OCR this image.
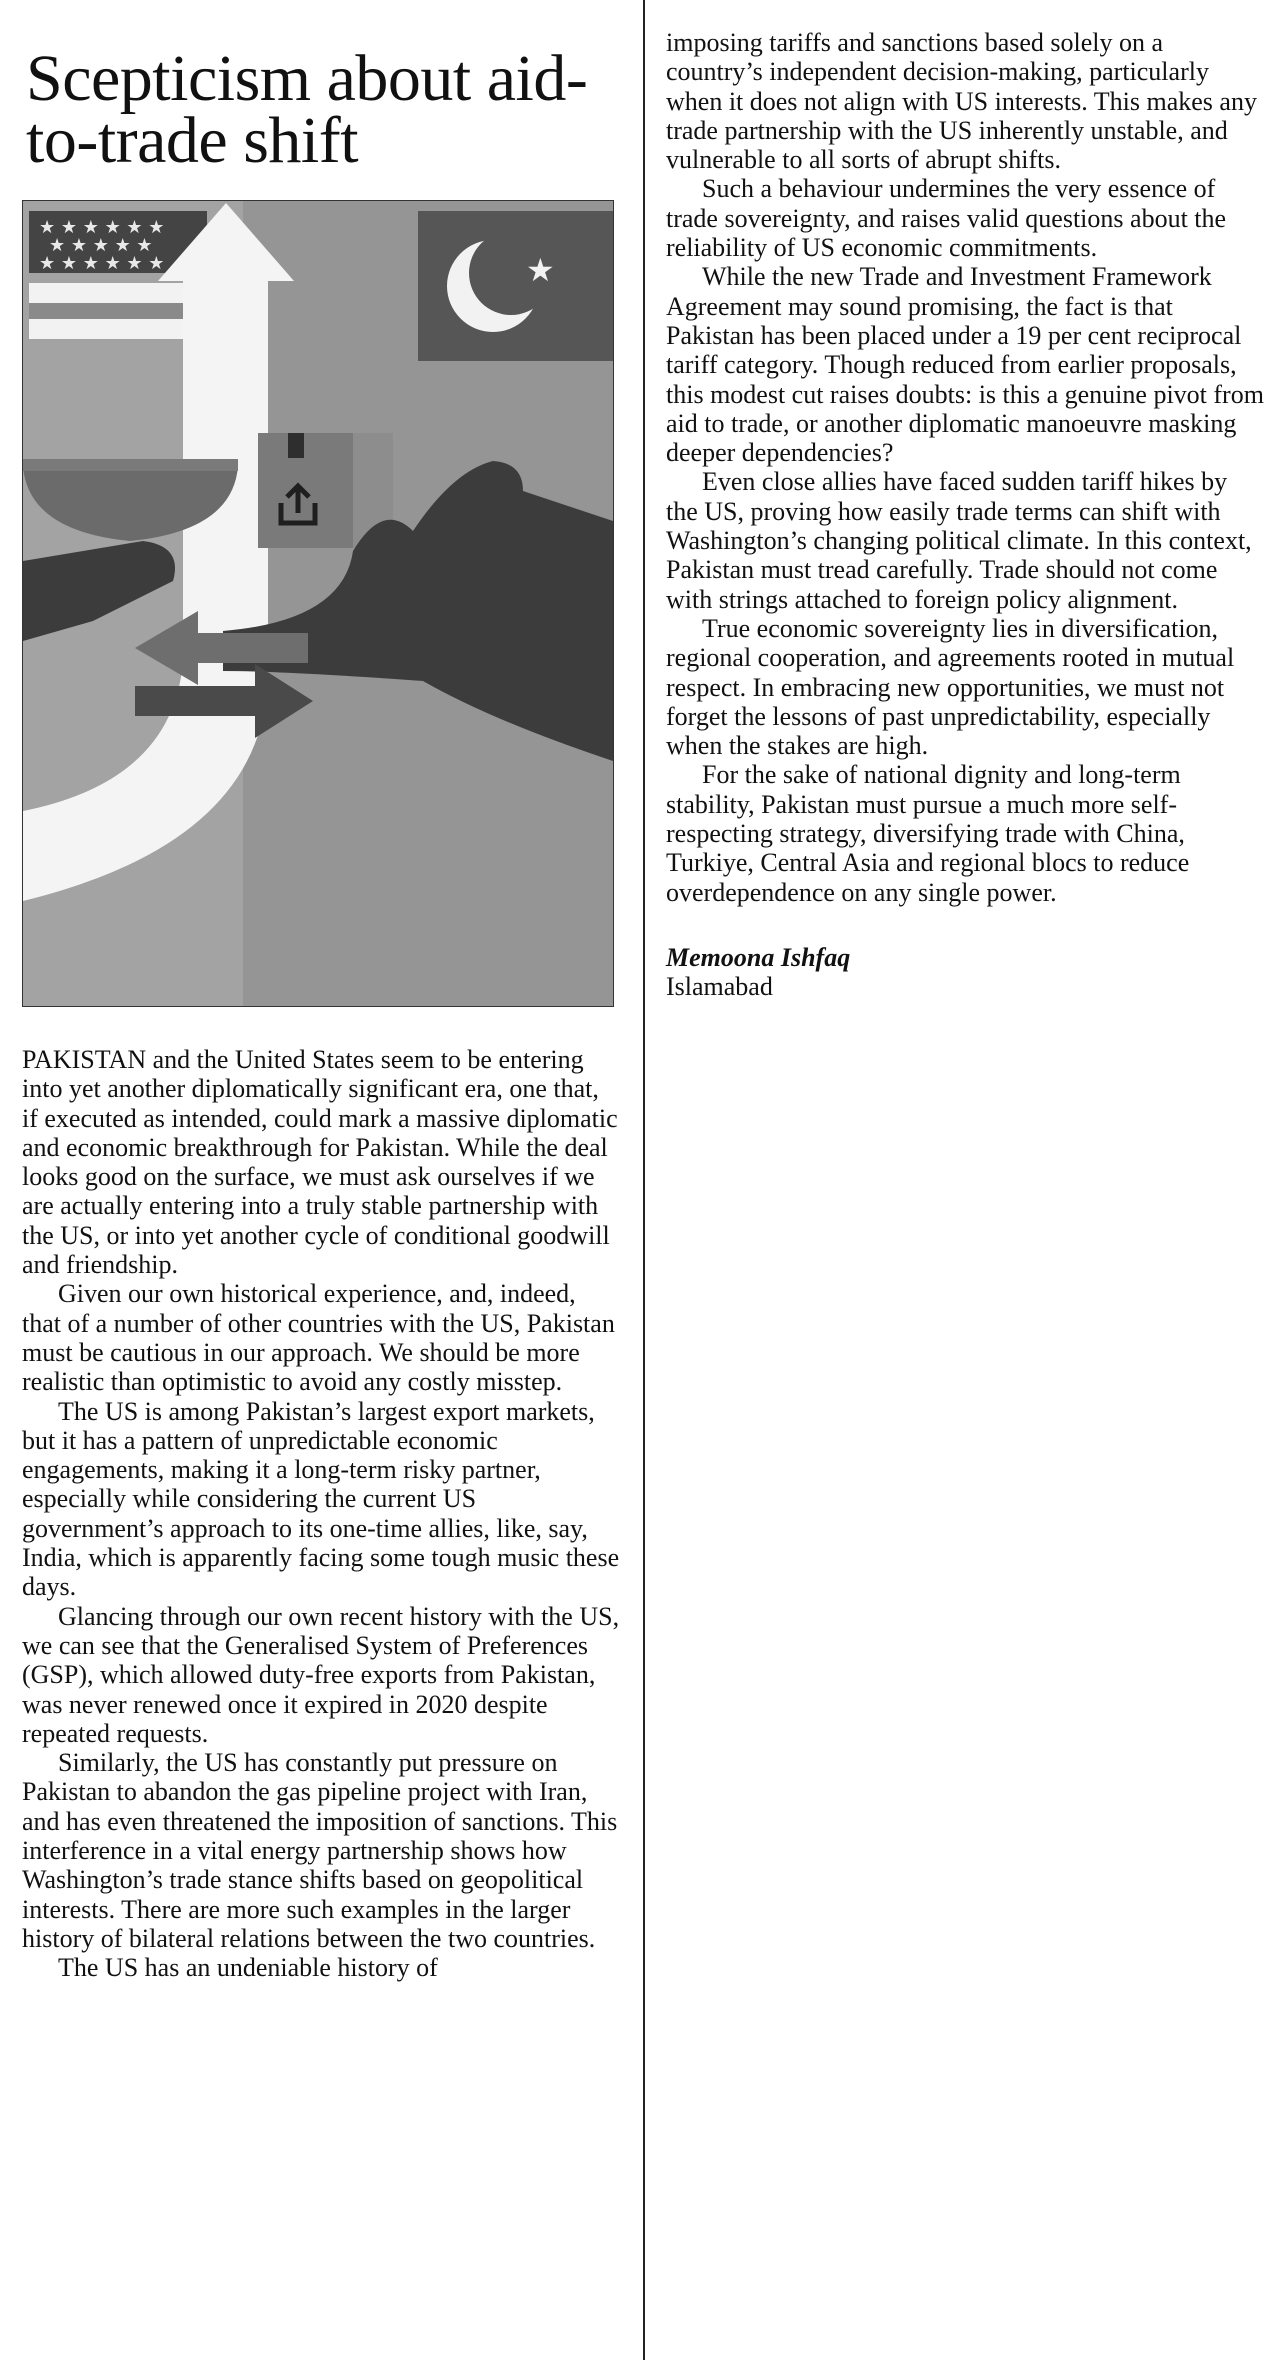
Scepticism about aid-to-trade shift
★ ★ ★ ★ ★ ★
★ ★ ★ ★ ★
★ ★ ★ ★ ★ ★	★

PAKISTAN and the United States seem to be entering into yet another diplomatically significant era, one that, if executed as intended, could mark a massive diplomatic and economic breakthrough for Pakistan. While the deal looks good on the surface, we must ask ourselves if we are actually entering into a truly stable partnership with the US, or into yet another cycle of conditional goodwill and friendship.

Given our own historical experience, and, indeed, that of a number of other countries with the US, Pakistan must be cautious in our approach. We should be more realistic than optimistic to avoid any costly misstep.

The US is among Pakistan’s largest export markets, but it has a pattern of unpredictable economic engagements, making it a long-term risky partner, especially while considering the current US government’s approach to its one-time allies, like, say, India, which is apparently facing some tough music these days.

Glancing through our own recent history with the US, we can see that the Generalised System of Preferences (GSP), which allowed duty-free exports from Pakistan, was never renewed once it expired in 2020 despite repeated requests.

Similarly, the US has constantly put pressure on Pakistan to abandon the gas pipeline project with Iran, and has even threatened the imposition of sanctions. This interference in a vital energy partnership shows how Washington’s trade stance shifts based on geopolitical interests. There are more such examples in the larger history of bilateral relations between the two countries.

The US has an undeniable history of

imposing tariffs and sanctions based solely on a country’s independent decision-making, particularly when it does not align with US interests. This makes any trade partnership with the US inherently unstable, and vulnerable to all sorts of abrupt shifts.

Such a behaviour undermines the very essence of trade sovereignty, and raises valid questions about the reliability of US economic commitments.

While the new Trade and Investment Framework Agreement may sound promising, the fact is that Pakistan has been placed under a 19 per cent reciprocal tariff category. Though reduced from earlier proposals, this modest cut raises doubts: is this a genuine pivot from aid to trade, or another diplomatic manoeuvre masking deeper dependencies?

Even close allies have faced sudden tariff hikes by the US, proving how easily trade terms can shift with Washington’s changing political climate. In this context, Pakistan must tread carefully. Trade should not come with strings attached to foreign policy alignment.

True economic sovereignty lies in diversification, regional cooperation, and agreements rooted in mutual respect. In embracing new opportunities, we must not forget the lessons of past unpredictability, especially when the stakes are high.

For the sake of national dignity and long-term stability, Pakistan must pursue a much more self-respecting strategy, diversifying trade with China, Turkiye, Central Asia and regional blocs to reduce overdependence on any single power.

Memoona Ishfaq
Islamabad
